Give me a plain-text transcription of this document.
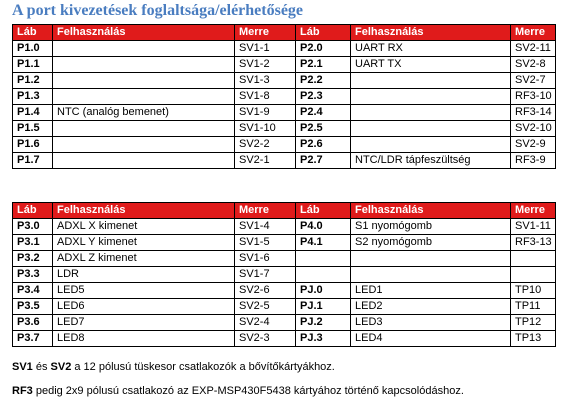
A port kivezetések foglaltsága/elérhetősége
Láb	Felhasználás	Merre	Láb	Felhasználás	Merre
P1.0		SV1-1	P2.0	UART RX	SV2-11
P1.1		SV1-2	P2.1	UART TX	SV2-8
P1.2		SV1-3	P2.2		SV2-7
P1.3		SV1-8	P2.3		RF3-10
P1.4	NTC (analóg bemenet)	SV1-9	P2.4		RF3-14
P1.5		SV1-10	P2.5		SV2-10
P1.6		SV2-2	P2.6		SV2-9
P1.7		SV2-1	P2.7	NTC/LDR tápfeszültség	RF3-9
Láb	Felhasználás	Merre	Láb	Felhasználás	Merre
P3.0	ADXL X kimenet	SV1-4	P4.0	S1 nyomógomb	SV1-11
P3.1	ADXL Y kimenet	SV1-5	P4.1	S2 nyomógomb	RF3-13
P3.2	ADXL Z kimenet	SV1-6			
P3.3	LDR	SV1-7			
P3.4	LED5	SV2-6	PJ.0	LED1	TP10
P3.5	LED6	SV2-5	PJ.1	LED2	TP11
P3.6	LED7	SV2-4	PJ.2	LED3	TP12
P3.7	LED8	SV2-3	PJ.3	LED4	TP13

SV1 és SV2 a 12 pólusú tüskesor csatlakozók a bővítőkártyákhoz.

RF3 pedig 2x9 pólusú csatlakozó az EXP-MSP430F5438 kártyához történő kapcsolódáshoz.
